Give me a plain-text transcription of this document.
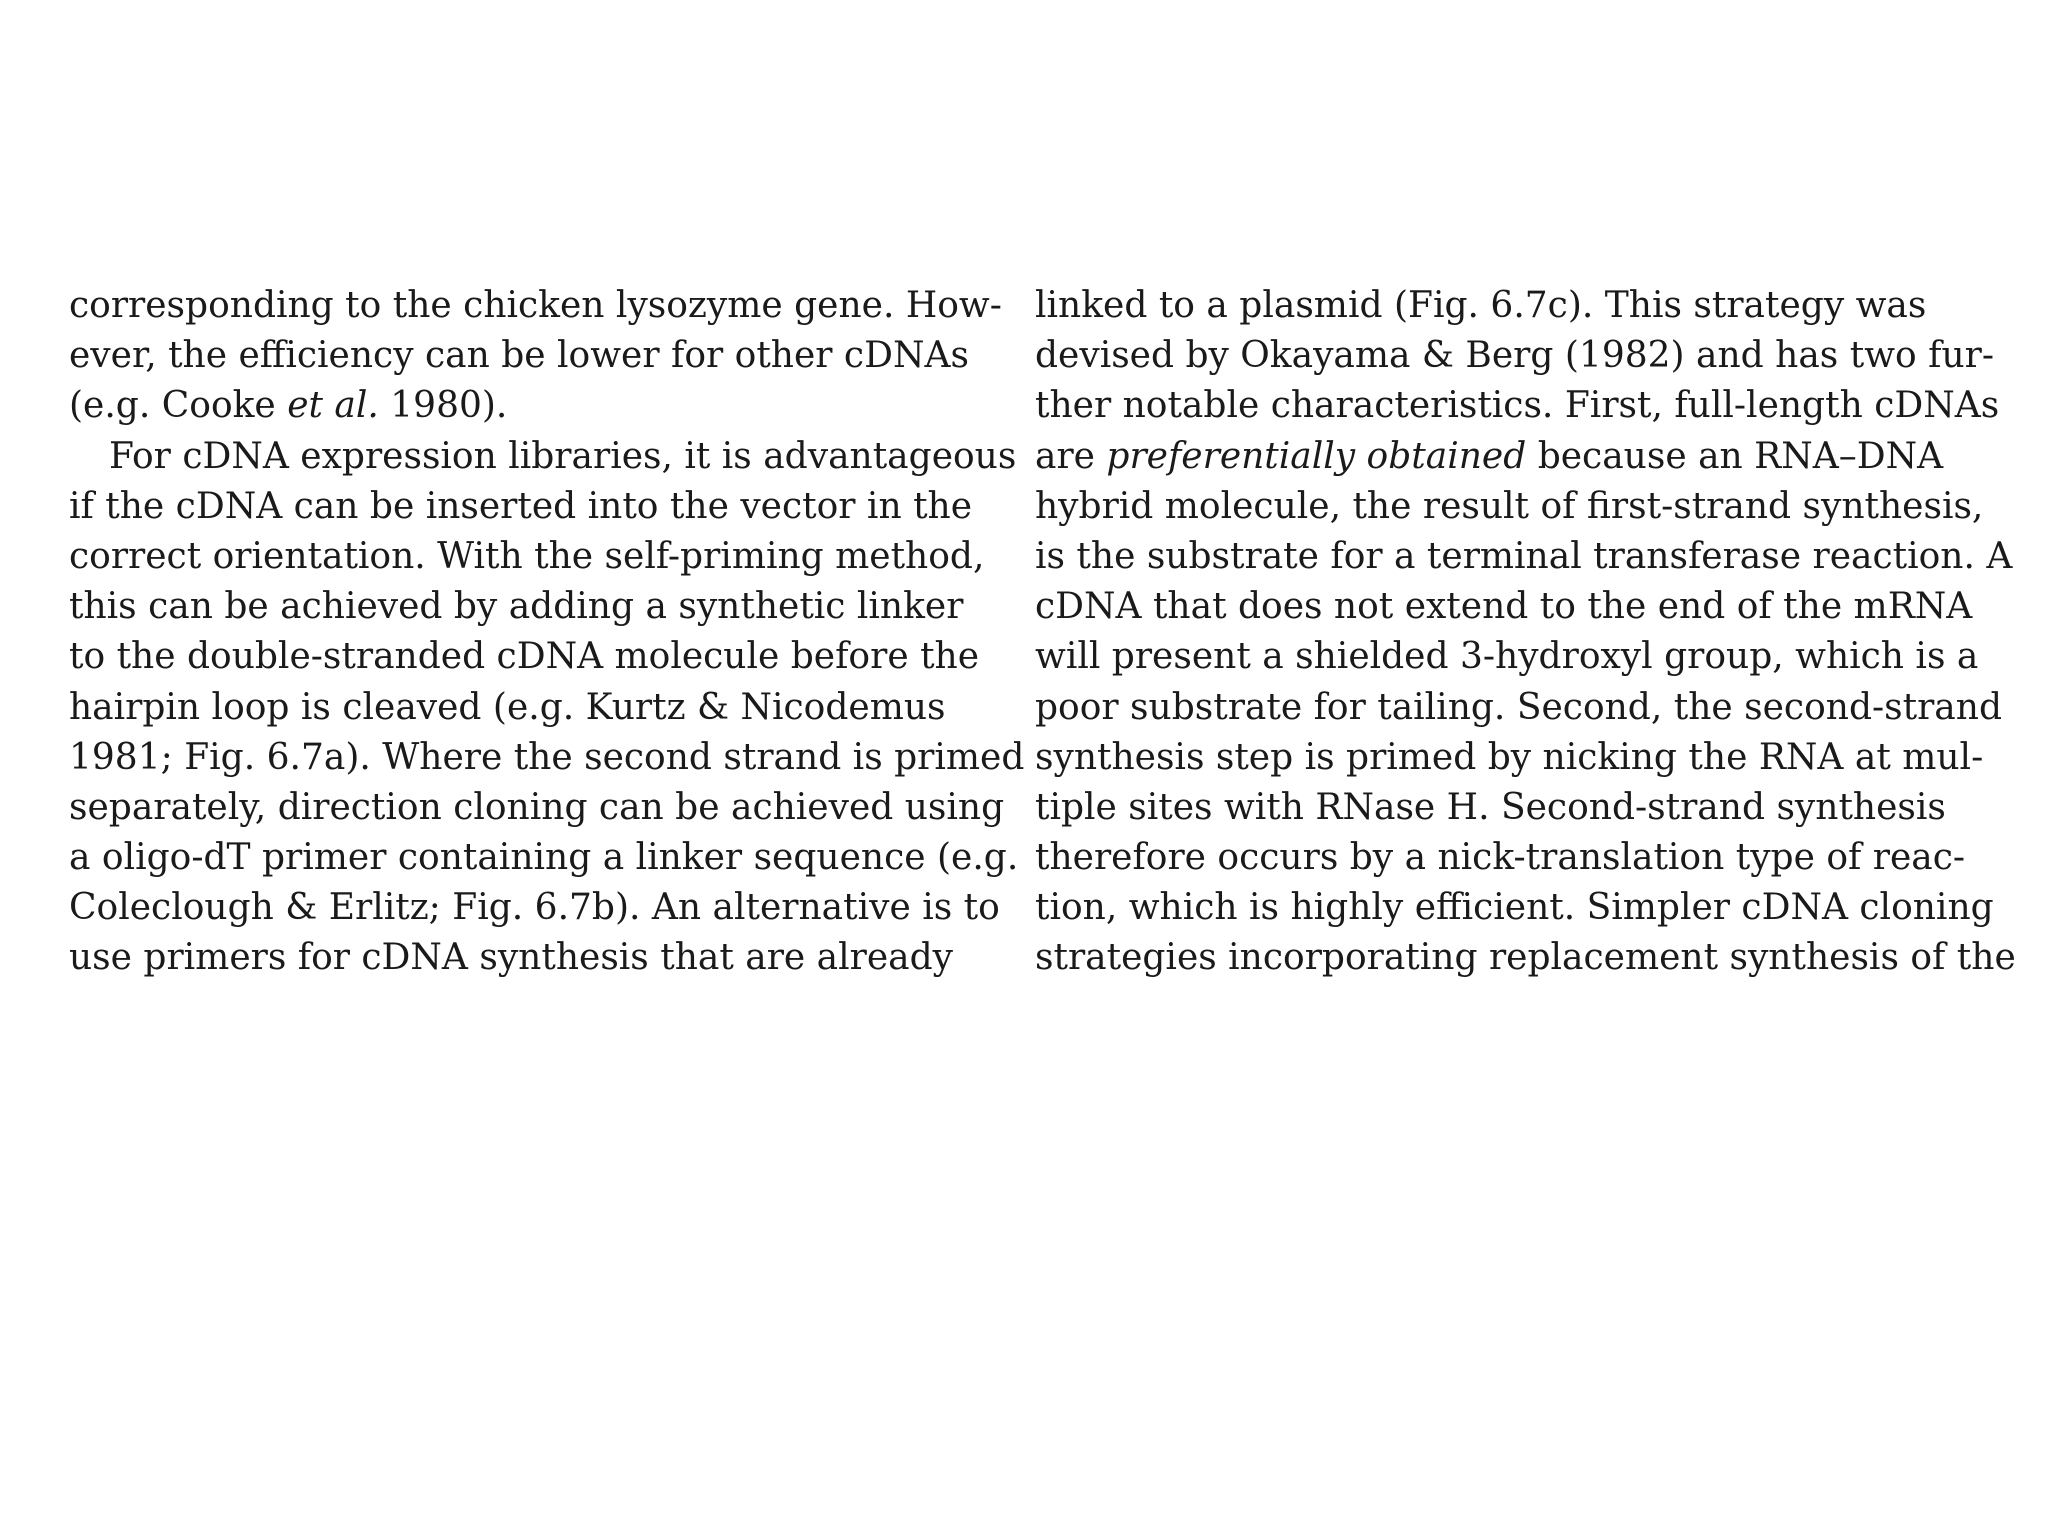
corresponding to the chicken lysozyme gene. How-
ever, the efficiency can be lower for other cDNAs
(e.g. Cooke et al. 1980).
For cDNA expression libraries, it is advantageous
if the cDNA can be inserted into the vector in the
correct orientation. With the self-priming method,
this can be achieved by adding a synthetic linker
to the double-stranded cDNA molecule before the
hairpin loop is cleaved (e.g. Kurtz & Nicodemus
1981; Fig. 6.7a). Where the second strand is primed
separately, direction cloning can be achieved using
a oligo-dT primer containing a linker sequence (e.g.
Coleclough & Erlitz; Fig. 6.7b). An alternative is to
use primers for cDNA synthesis that are already
linked to a plasmid (Fig. 6.7c). This strategy was
devised by Okayama & Berg (1982) and has two fur-
ther notable characteristics. First, full-length cDNAs
are preferentially obtained because an RNA–DNA
hybrid molecule, the result of first-strand synthesis,
is the substrate for a terminal transferase reaction. A
cDNA that does not extend to the end of the mRNA
will present a shielded 3-hydroxyl group, which is a
poor substrate for tailing. Second, the second-strand
synthesis step is primed by nicking the RNA at mul-
tiple sites with RNase H. Second-strand synthesis
therefore occurs by a nick-translation type of reac-
tion, which is highly efficient. Simpler cDNA cloning
strategies incorporating replacement synthesis of the
